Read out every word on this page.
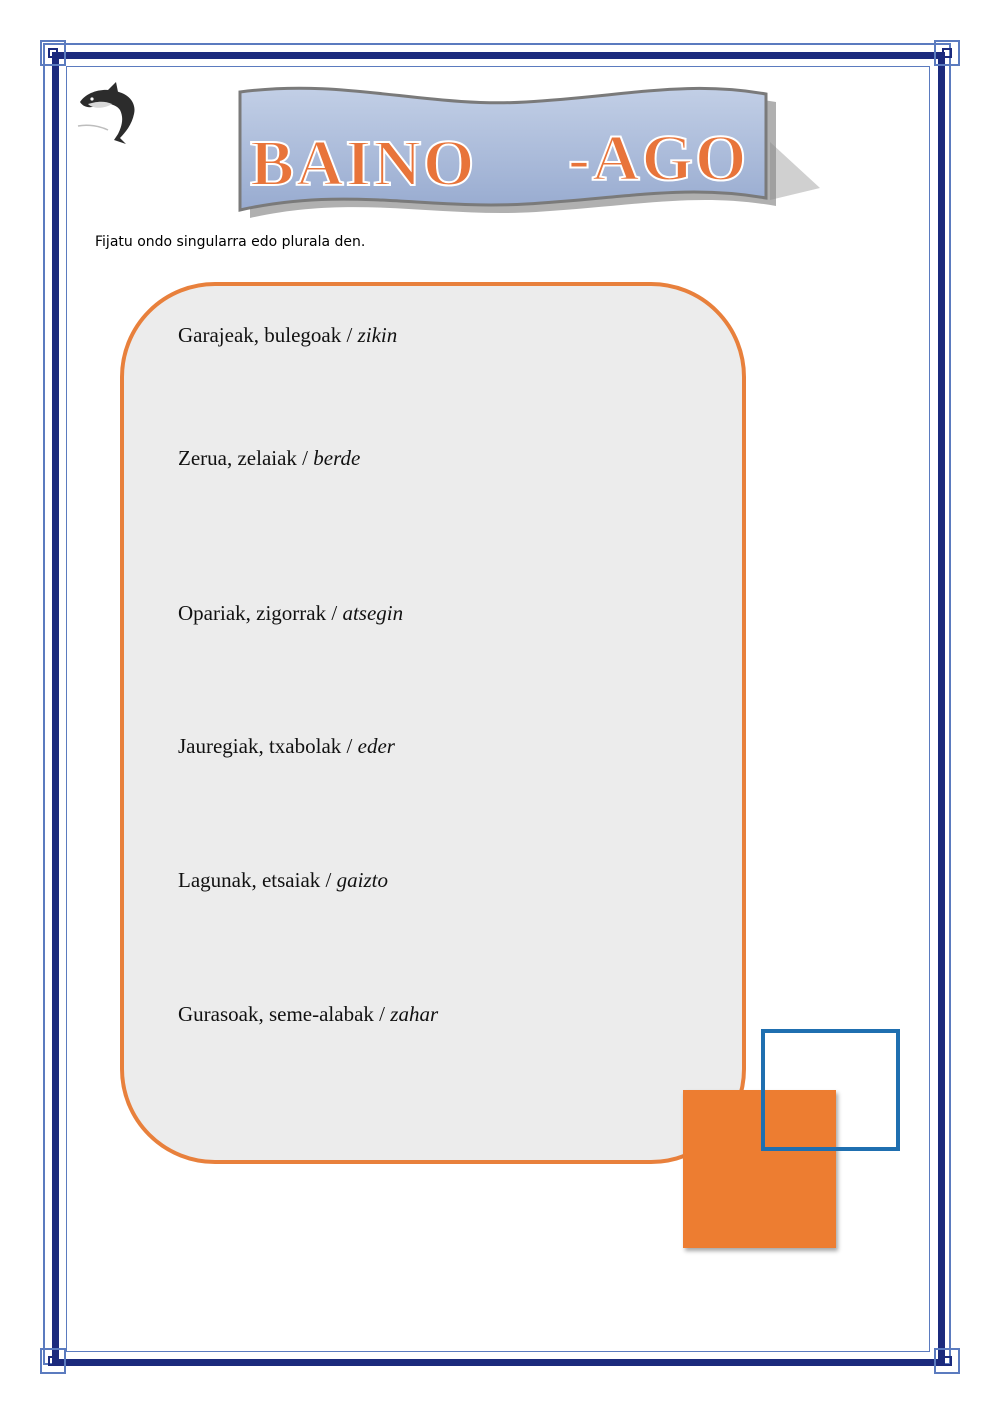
BAINO -AGO
Fijatu ondo singularra edo plurala den.
Garajeak, bulegoak / zikin
Zerua, zelaiak / berde
Opariak, zigorrak / atsegin
Jauregiak, txabolak / eder
Lagunak, etsaiak / gaizto
Gurasoak, seme-alabak / zahar
